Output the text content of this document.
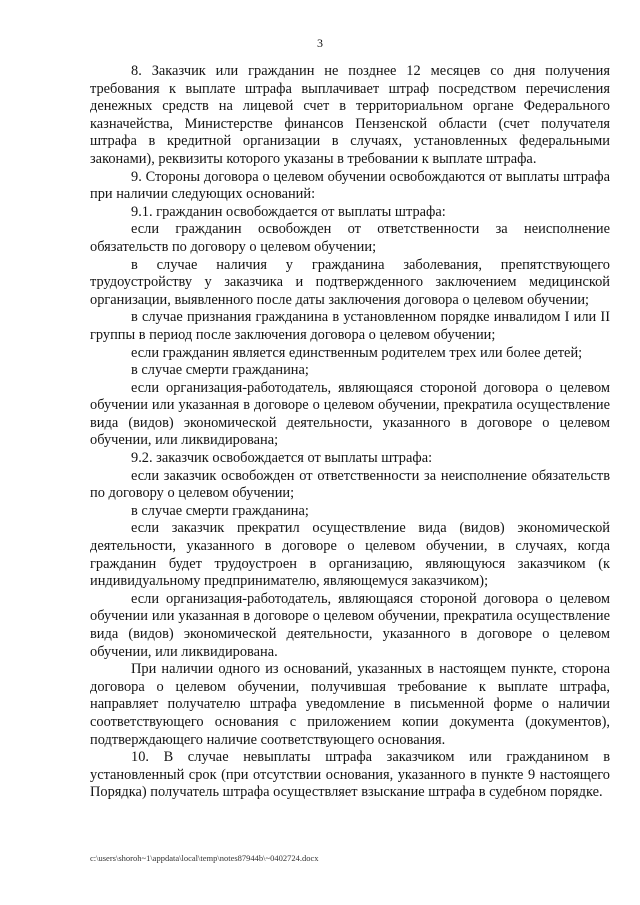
3

8. Заказчик или гражданин не позднее 12 месяцев со дня получения требования к выплате штрафа выплачивает штраф посредством перечисления денежных средств на лицевой счет в территориальном органе Федерального казначейства, Министерстве финансов Пензенской области (счет получателя штрафа в кредитной организации в случаях, установленных федеральными законами), реквизиты которого указаны в требовании к выплате штрафа.

9. Стороны договора о целевом обучении освобождаются от выплаты штрафа при наличии следующих оснований:

9.1. гражданин освобождается от выплаты штрафа:

если гражданин освобожден от ответственности за неисполнение обязательств по договору о целевом обучении;

в случае наличия у гражданина заболевания, препятствующего трудоустройству у заказчика и подтвержденного заключением медицинской организации, выявленного после даты заключения договора о целевом обучении;

в случае признания гражданина в установленном порядке инвалидом I или II группы в период после заключения договора о целевом обучении;

если гражданин является единственным родителем трех или более детей;

в случае смерти гражданина;

если организация-работодатель, являющаяся стороной договора о целевом обучении или указанная в договоре о целевом обучении, прекратила осуществление вида (видов) экономической деятельности, указанного в договоре о целевом обучении, или ликвидирована;

9.2. заказчик освобождается от выплаты штрафа:

если заказчик освобожден от ответственности за неисполнение обязательств по договору о целевом обучении;

в случае смерти гражданина;

если заказчик прекратил осуществление вида (видов) экономической деятельности, указанного в договоре о целевом обучении, в случаях, когда гражданин будет трудоустроен в организацию, являющуюся заказчиком (к индивидуальному предпринимателю, являющемуся заказчиком);

если организация-работодатель, являющаяся стороной договора о целевом обучении или указанная в договоре о целевом обучении, прекратила осуществление вида (видов) экономической деятельности, указанного в договоре о целевом обучении, или ликвидирована.

При наличии одного из оснований, указанных в настоящем пункте, сторона договора о целевом обучении, получившая требование к выплате штрафа, направляет получателю штрафа уведомление в письменной форме о наличии соответствующего основания с приложением копии документа (документов), подтверждающего наличие соответствующего основания.

10. В случае невыплаты штрафа заказчиком или гражданином в установленный срок (при отсутствии основания, указанного в пункте 9 настоящего Порядка) получатель штрафа осуществляет взыскание штрафа в судебном порядке.

c:\users\shoroh~1\appdata\local\temp\notes87944b\~0402724.docx
